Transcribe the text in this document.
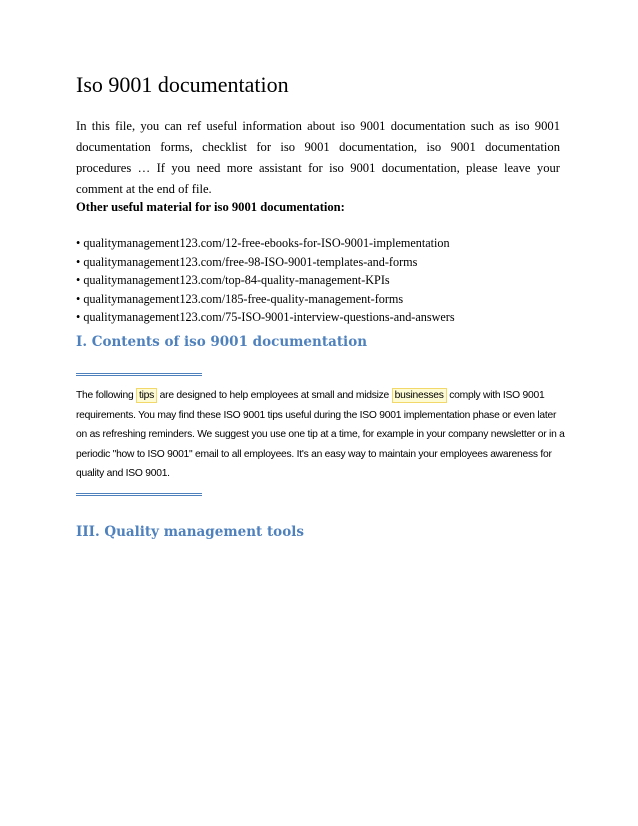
Iso 9001 documentation

In this file, you can ref useful information about iso 9001 documentation such as iso 9001 documentation forms, checklist for iso 9001 documentation, iso 9001 documentation procedures … If you need more assistant for iso 9001 documentation, please leave your comment at the end of file.

Other useful material for iso 9001 documentation:

• qualitymanagement123.com/12-free-ebooks-for-ISO-9001-implementation
• qualitymanagement123.com/free-98-ISO-9001-templates-and-forms
• qualitymanagement123.com/top-84-quality-management-KPIs
• qualitymanagement123.com/185-free-quality-management-forms
• qualitymanagement123.com/75-ISO-9001-interview-questions-and-answers
I. Contents of iso 9001 documentation

The following tips are designed to help employees at small and midsize businesses comply with ISO 9001 requirements. You may find these ISO 9001 tips useful during the ISO 9001 implementation phase or even later on as refreshing reminders. We suggest you use one tip at a time, for example in your company newsletter or in a periodic "how to ISO 9001" email to all employees. It's an easy way to maintain your employees awareness for quality and ISO 9001.

III. Quality management tools
